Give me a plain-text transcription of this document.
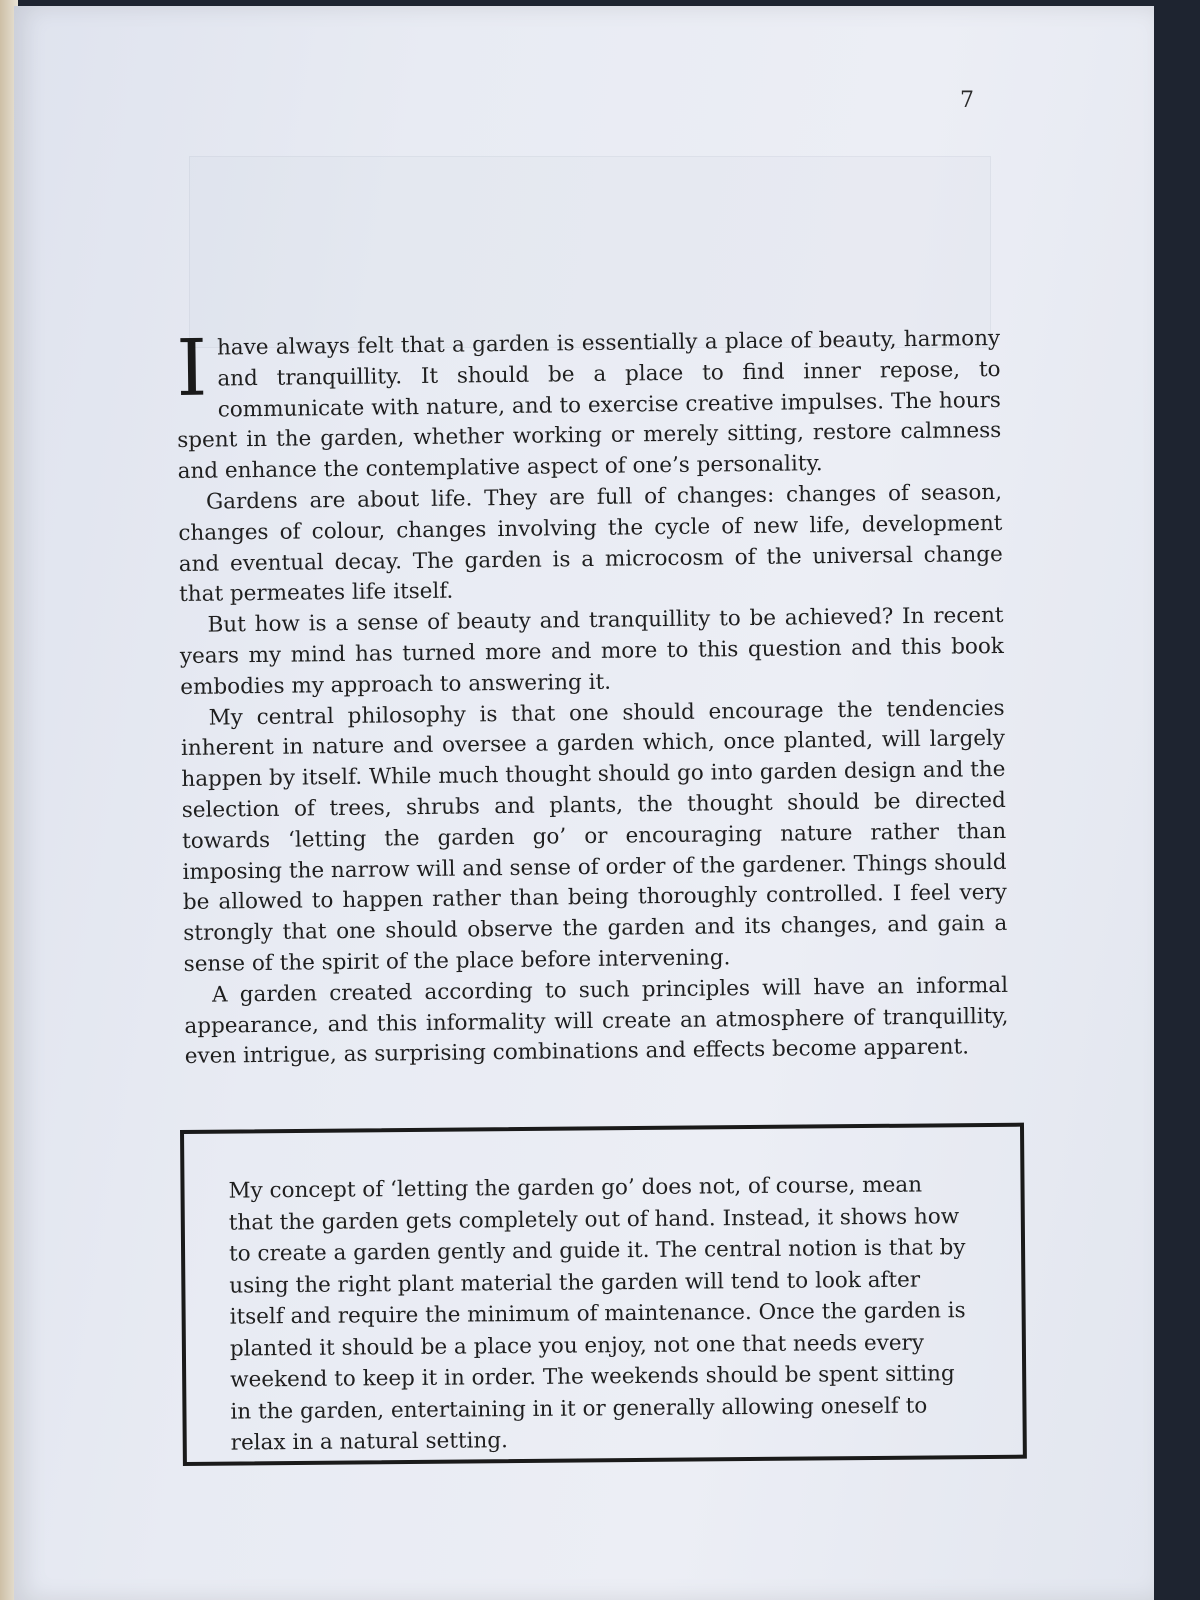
7

I have always felt that a garden is essentially a place of beauty, harmony and tranquillity. It should be a place to find inner repose, to communicate with nature, and to exercise creative impulses. The hours spent in the garden, whether working or merely sitting, restore calmness and enhance the contemplative aspect of one’s personality.

Gardens are about life. They are full of changes: changes of season, changes of colour, changes involving the cycle of new life, development and eventual decay. The garden is a microcosm of the universal change that permeates life itself.

But how is a sense of beauty and tranquillity to be achieved? In recent years my mind has turned more and more to this question and this book embodies my approach to answering it.

My central philosophy is that one should encourage the tendencies inherent in nature and oversee a garden which, once planted, will largely happen by itself. While much thought should go into garden design and the selection of trees, shrubs and plants, the thought should be directed towards ‘letting the garden go’ or encouraging nature rather than imposing the narrow will and sense of order of the gardener. Things should be allowed to happen rather than being thoroughly controlled. I feel very strongly that one should observe the garden and its changes, and gain a sense of the spirit of the place before intervening.

A garden created according to such principles will have an informal appearance, and this informality will create an atmosphere of tranquillity, even intrigue, as surprising combinations and effects become apparent.

My concept of ‘letting the garden go’ does not, of course, mean that the garden gets completely out of hand. Instead, it shows how to create a garden gently and guide it. The central notion is that by using the right plant material the garden will tend to look after itself and require the minimum of maintenance. Once the garden is planted it should be a place you enjoy, not one that needs every weekend to keep it in order. The weekends should be spent sitting in the garden, entertaining in it or generally allowing oneself to relax in a natural setting.
